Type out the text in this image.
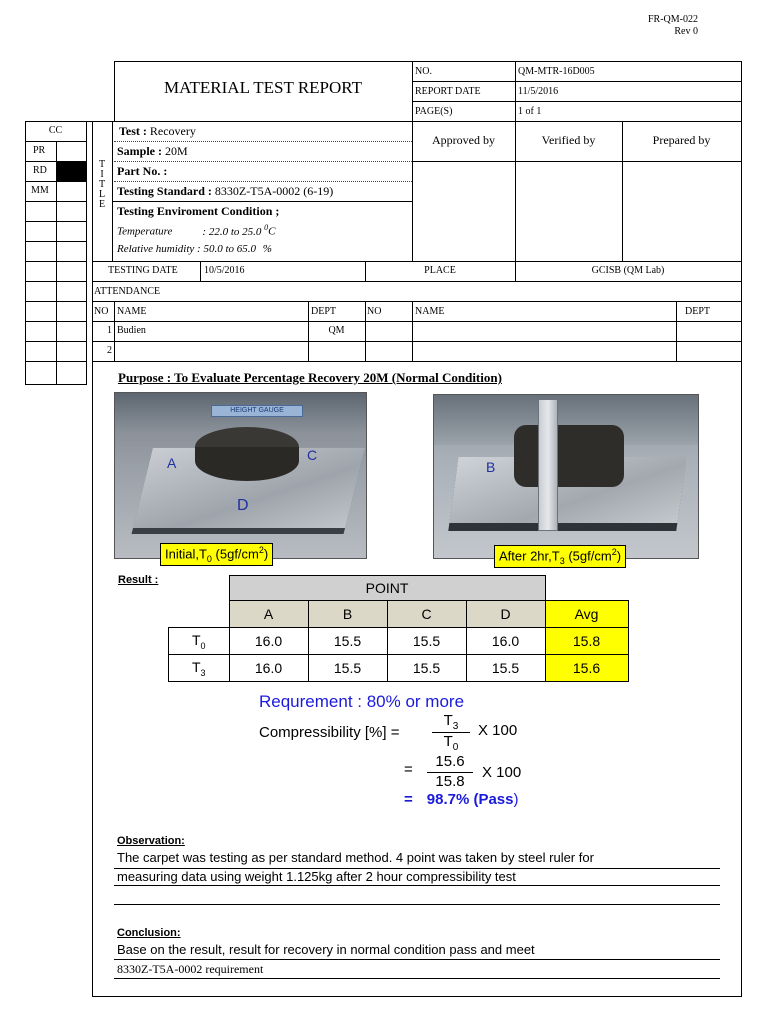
FR-QM-022
Rev 0
MATERIAL TEST REPORT
NO.	QM-MTR-16D005
REPORT DATE	11/5/2016
PAGE(S)	1 of 1
CC
PR
RD
MM
T
I
T
L
E
Test : Recovery
Sample : 20M
Part No. :
Testing Standard : 8330Z-T5A-0002 (6-19)
Testing Enviroment Condition ;
Temperature	: 22.0 to 25.0 $^0$C
Relative humidity : 50.0 to 65.0 %
Approved by	Verified by	Prepared by
TESTING DATE	10/5/2016	PLACE	GCISB (QM Lab)
ATTENDANCE
NO NAME	DEPT	NO	NAME	DEPT
1 Budien	QM
2
Purpose : To Evaluate Percentage Recovery 20M (Normal Condition)
HEIGHT GAUGE
A	C
D
$Initial,T_0$ $(5gf/cm^2)$
B
After $2hr,T_3$ $(5gf/cm^2)$
Result :
		POINT				
	A	B	C	D	Avg
$T_0$	16.0	15.5	15.5	16.0	15.8
$T_3$	16.0	15.5	15.5	15.5	15.6
Requrement : 80% or more
Compressibility [%] =
$T_3$
$T_0$
X 100
=	15.6
15.8
X 100
= 98.7% (Pass)
Observation:
The carpet was testing as per standard method. 4 point was taken by steel ruler for
measuring data using weight 1.125kg after 2 hour compressibility test
Conclusion:
Base on the result, result for recovery in normal condition pass and meet
8330Z-T5A-0002 requirement
